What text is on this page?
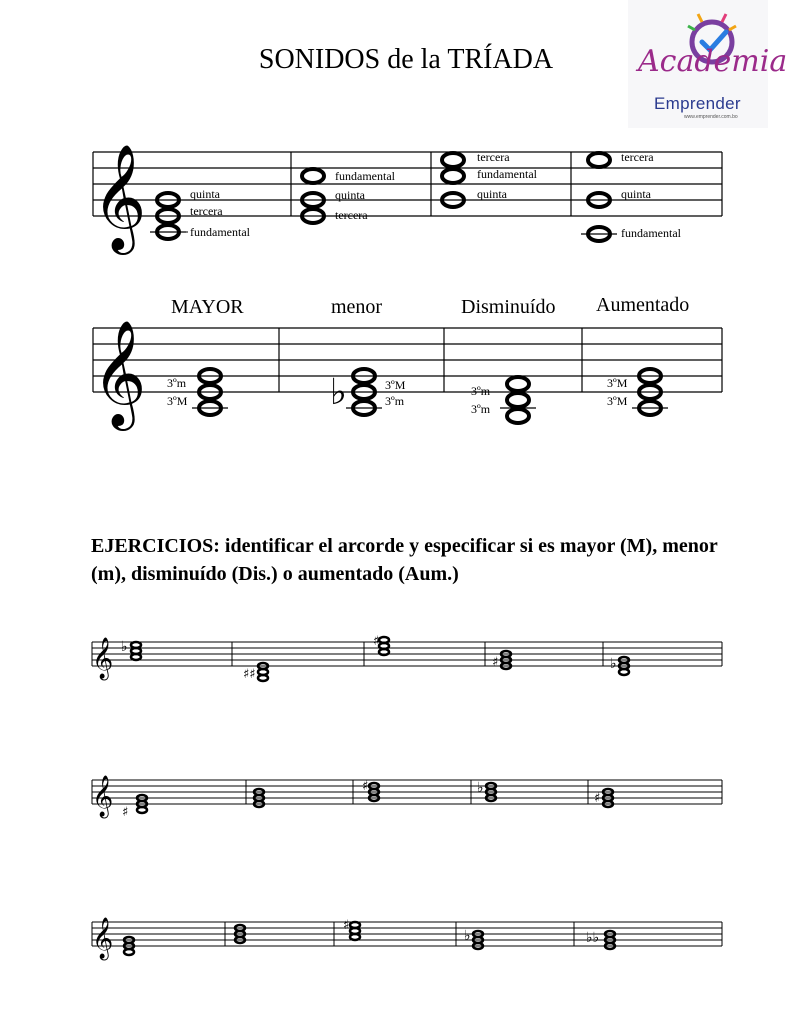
SONIDOS de la TRÍADA	Academia
Emprender
www.emprender.com.bo
𝄞	quinta
tercera
fundamental
fundamental
quinta
tercera
tercera
fundamental
quinta
tercera
quinta
fundamental
𝄞
MAYOR	menor	Disminuído Aumentado
♭
3ºm
3ºM
3ºM
3ºm
3ºm
3ºm
3ºM
3ºM
EJERCICIOS: identificar el arcorde y especificar si es mayor (M), menor (m), disminuído (Dis.) o aumentado (Aum.)
𝄞 ♭
♯♯
♯
♯	♭
𝄞 ♯
♯	♭
♯
𝄞	♯
♭	♭♭
